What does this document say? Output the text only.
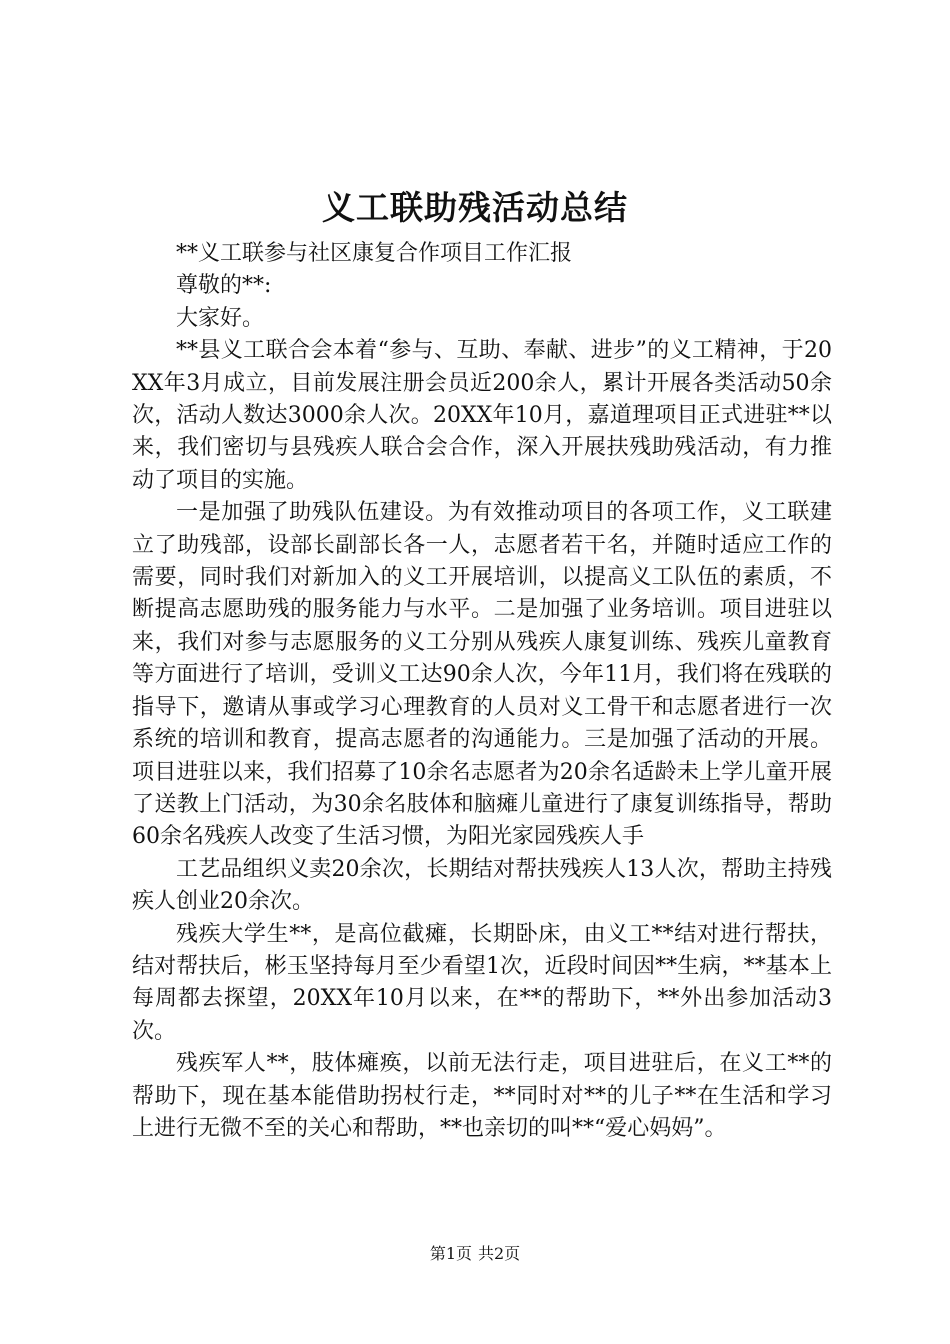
义工联助残活动总结

**义工联参与社区康复合作项目工作汇报

尊敬的**:

大家好。

**县义工联合会本着“参与、互助、奉献、进步”的义工精神，于20XX年3月成立，目前发展注册会员近200余人，累计开展各类活动50余次，活动人数达3000余人次。20XX年10月，嘉道理项目正式进驻**以来，我们密切与县残疾人联合会合作，深入开展扶残助残活动，有力推动了项目的实施。

一是加强了助残队伍建设。为有效推动项目的各项工作，义工联建立了助残部，设部长副部长各一人，志愿者若干名，并随时适应工作的需要，同时我们对新加入的义工开展培训，以提高义工队伍的素质，不断提高志愿助残的服务能力与水平。二是加强了业务培训。项目进驻以来，我们对参与志愿服务的义工分别从残疾人康复训练、残疾儿童教育等方面进行了培训，受训义工达90余人次，今年11月，我们将在残联的指导下，邀请从事或学习心理教育的人员对义工骨干和志愿者进行一次系统的培训和教育，提高志愿者的沟通能力。三是加强了活动的开展。项目进驻以来，我们招募了10余名志愿者为20余名适龄未上学儿童开展了送教上门活动，为30余名肢体和脑瘫儿童进行了康复训练指导，帮助60余名残疾人改变了生活习惯，为阳光家园残疾人手

工艺品组织义卖20余次，长期结对帮扶残疾人13人次，帮助主持残疾人创业20余次。

残疾大学生**，是高位截瘫，长期卧床，由义工**结对进行帮扶，结对帮扶后，彬玉坚持每月至少看望1次，近段时间因**生病，**基本上每周都去探望，20XX年10月以来，在**的帮助下，**外出参加活动3次。

残疾军人**，肢体瘫痪，以前无法行走，项目进驻后，在义工**的帮助下，现在基本能借助拐杖行走，**同时对**的儿子**在生活和学习上进行无微不至的关心和帮助，**也亲切的叫**“爱心妈妈”。

第1页 共2页
